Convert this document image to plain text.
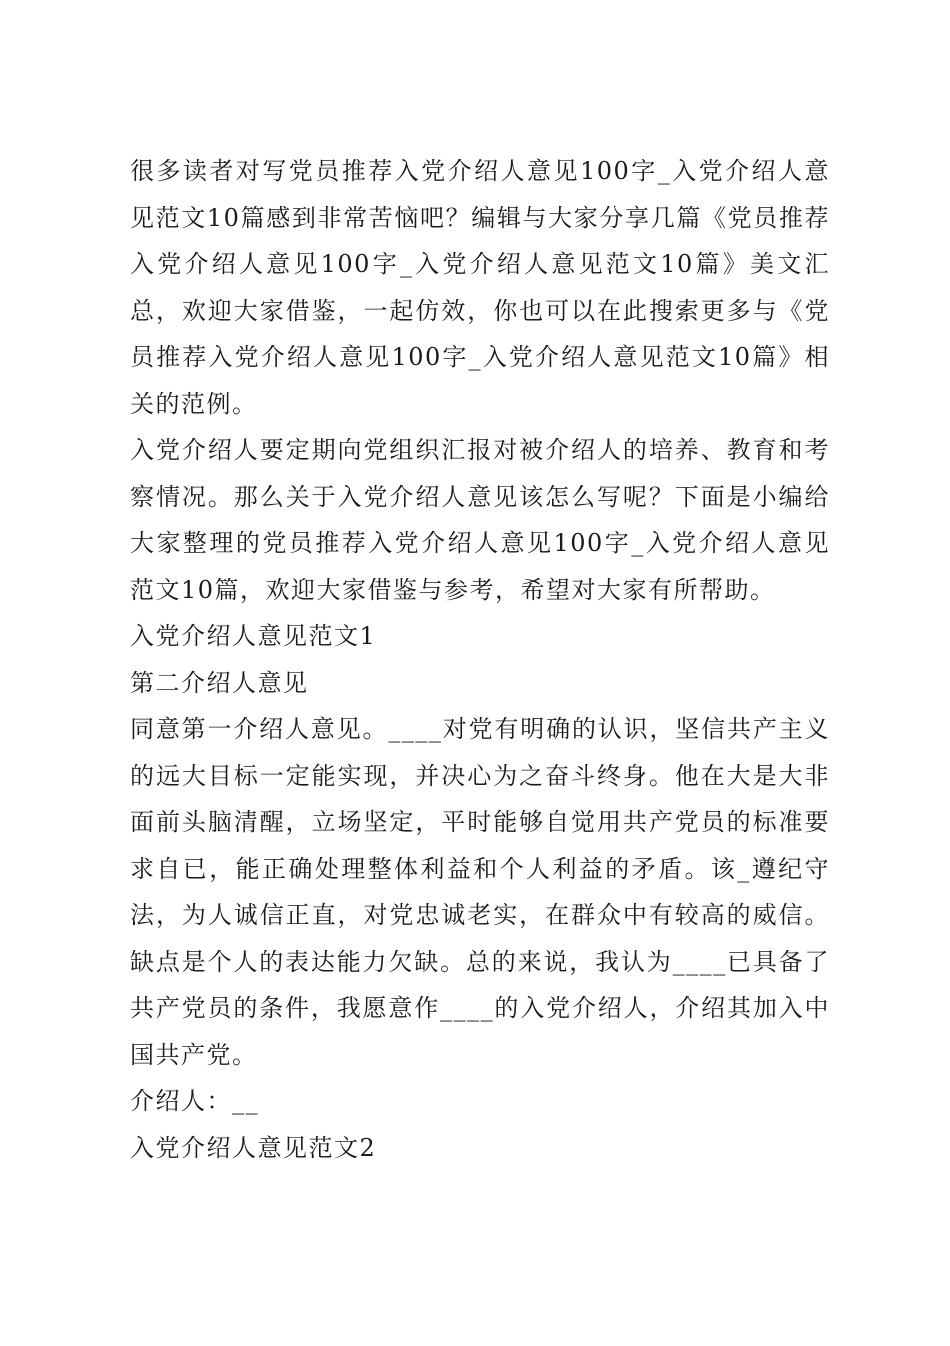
很多读者对写党员推荐入党介绍人意见100字_入党介绍人意见范文10篇感到非常苦恼吧？编辑与大家分享几篇《党员推荐入党介绍人意见100字_入党介绍人意见范文10篇》美文汇总，欢迎大家借鉴，一起仿效，你也可以在此搜索更多与《党员推荐入党介绍人意见100字_入党介绍人意见范文10篇》相关的范例。

入党介绍人要定期向党组织汇报对被介绍人的培养、教育和考察情况。那么关于入党介绍人意见该怎么写呢？下面是小编给大家整理的党员推荐入党介绍人意见100字_入党介绍人意见范文10篇，欢迎大家借鉴与参考，希望对大家有所帮助。

入党介绍人意见范文1

第二介绍人意见

同意第一介绍人意见。____对党有明确的认识，坚信共产主义的远大目标一定能实现，并决心为之奋斗终身。他在大是大非面前头脑清醒，立场坚定，平时能够自觉用共产党员的标准要求自已，能正确处理整体利益和个人利益的矛盾。该_遵纪守法，为人诚信正直，对党忠诚老实，在群众中有较高的威信。缺点是个人的表达能力欠缺。总的来说，我认为____已具备了共产党员的条件，我愿意作____的入党介绍人，介绍其加入中国共产党。

介绍人：__

入党介绍人意见范文2
